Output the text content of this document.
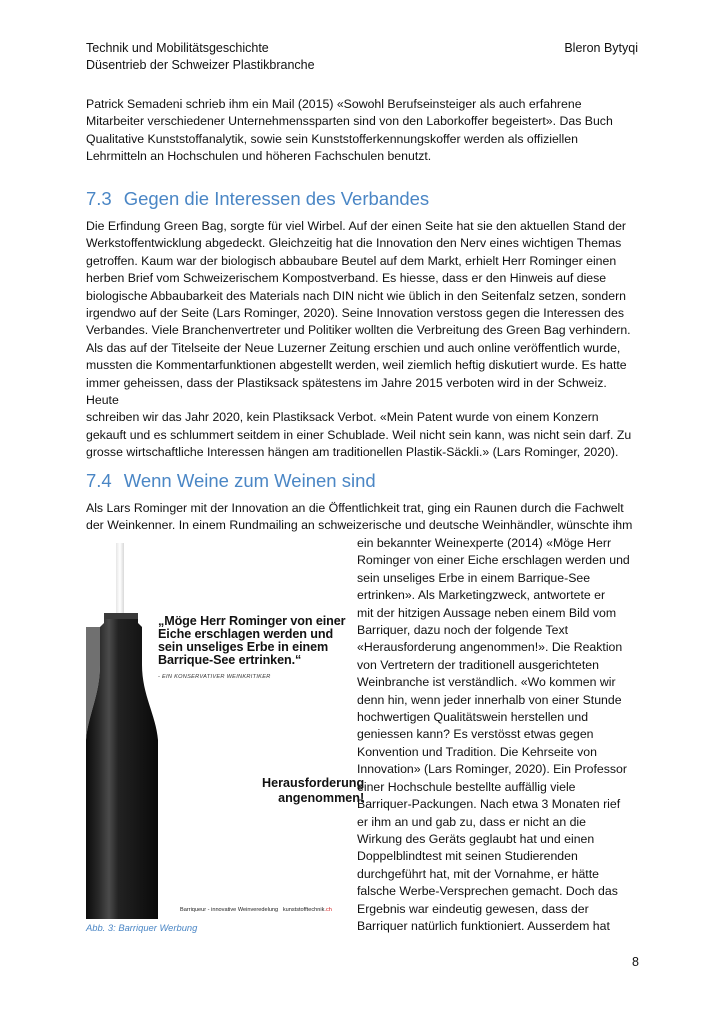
Technik und Mobilitätsgeschichte
Düsentrieb der Schweizer Plastikbranche
Bleron Bytyqi

Patrick Semadeni schrieb ihm ein Mail (2015) «Sowohl Berufseinsteiger als auch erfahrene
Mitarbeiter verschiedener Unternehmenssparten sind von den Laborkoffer begeistert». Das Buch
Qualitative Kunststoffanalytik, sowie sein Kunststofferkennungskoffer werden als offiziellen
Lehrmitteln an Hochschulen und höheren Fachschulen benutzt.

7.3 Gegen die Interessen des Verbandes

Die Erfindung Green Bag, sorgte für viel Wirbel. Auf der einen Seite hat sie den aktuellen Stand der
Werkstoffentwicklung abgedeckt. Gleichzeitig hat die Innovation den Nerv eines wichtigen Themas
getroffen. Kaum war der biologisch abbaubare Beutel auf dem Markt, erhielt Herr Rominger einen
herben Brief vom Schweizerischem Kompostverband. Es hiesse, dass er den Hinweis auf diese
biologische Abbaubarkeit des Materials nach DIN nicht wie üblich in den Seitenfalz setzen, sondern
irgendwo auf der Seite (Lars Rominger, 2020). Seine Innovation verstoss gegen die Interessen des
Verbandes. Viele Branchenvertreter und Politiker wollten die Verbreitung des Green Bag verhindern.
Als das auf der Titelseite der Neue Luzerner Zeitung erschien und auch online veröffentlich wurde,
mussten die Kommentarfunktionen abgestellt werden, weil ziemlich heftig diskutiert wurde. Es hatte
immer geheissen, dass der Plastiksack spätestens im Jahre 2015 verboten wird in der Schweiz. Heute
schreiben wir das Jahr 2020, kein Plastiksack Verbot. «Mein Patent wurde von einem Konzern
gekauft und es schlummert seitdem in einer Schublade. Weil nicht sein kann, was nicht sein darf. Zu
grosse wirtschaftliche Interessen hängen am traditionellen Plastik-Säckli.» (Lars Rominger, 2020).

7.4 Wenn Weine zum Weinen sind

Als Lars Rominger mit der Innovation an die Öffentlichkeit trat, ging ein Raunen durch die Fachwelt
der Weinkenner. In einem Rundmailing an schweizerische und deutsche Weinhändler, wünschte ihm

„Möge Herr Rominger von einer
Eiche erschlagen werden und
sein unseliges Erbe in einem
Barrique-See ertrinken.“
- EIN KONSERVATIVER WEINKRITIKER
Herausforderung
angenommen!
Barriqueur - innovative Weinveredelung kunststofftechnik.ch
Abb. 3: Barriquer Werbung

ein bekannter Weinexperte (2014) «Möge Herr
Rominger von einer Eiche erschlagen werden und
sein unseliges Erbe in einem Barrique-See
ertrinken». Als Marketingzweck, antwortete er
mit der hitzigen Aussage neben einem Bild vom
Barriquer, dazu noch der folgende Text
«Herausforderung angenommen!». Die Reaktion
von Vertretern der traditionell ausgerichteten
Weinbranche ist verständlich. «Wo kommen wir
denn hin, wenn jeder innerhalb von einer Stunde
hochwertigen Qualitätswein herstellen und
geniessen kann? Es verstösst etwas gegen
Konvention und Tradition. Die Kehrseite von
Innovation» (Lars Rominger, 2020). Ein Professor
einer Hochschule bestellte auffällig viele
Barriquer-Packungen. Nach etwa 3 Monaten rief
er ihm an und gab zu, dass er nicht an die
Wirkung des Geräts geglaubt hat und einen
Doppelblindtest mit seinen Studierenden
durchgeführt hat, mit der Vornahme, er hätte
falsche Werbe-Versprechen gemacht. Doch das
Ergebnis war eindeutig gewesen, dass der
Barriquer natürlich funktioniert. Ausserdem hat

8
